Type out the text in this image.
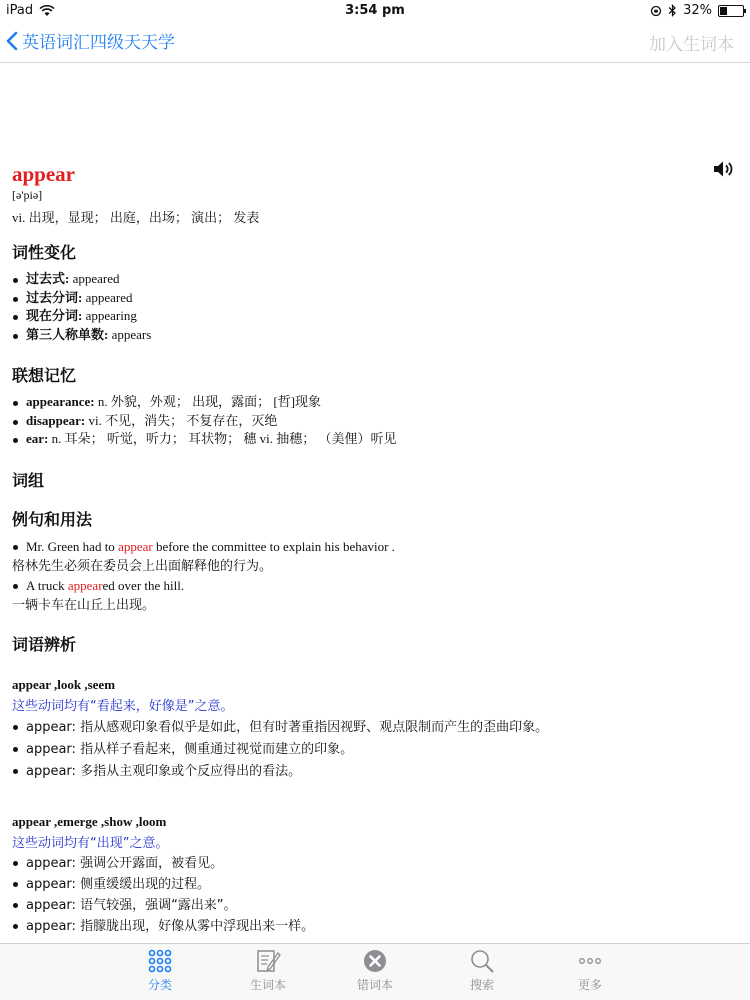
iPad	3:54 pm	32%
英语词汇四级天天学	加入生词本
appear
[ə'piə]
vi. 出现，显现； 出庭，出场； 演出； 发表
词性变化
过去式: appeared
过去分词: appeared
现在分词: appearing
第三人称单数: appears
联想记忆
appearance: n. 外貌，外观； 出现，露面； [哲]现象
disappear: vi. 不见，消失； 不复存在，灭绝
ear: n. 耳朵； 听觉，听力； 耳状物； 穗 vi. 抽穗； （美俚）听见
词组
例句和用法
Mr. Green had to appear before the committee to explain his behavior .
格林先生必须在委员会上出面解释他的行为。
A truck appeared over the hill.
一辆卡车在山丘上出现。
词语辨析
appear ,look ,seem
这些动词均有“看起来，好像是”之意。
appear: 指从感观印象看似乎是如此，但有时著重指因视野、观点限制而产生的歪曲印象。
appear: 指从样子看起来，侧重通过视觉而建立的印象。
appear: 多指从主观印象或个反应得出的看法。
appear ,emerge ,show ,loom
这些动词均有“出现”之意。
appear: 强调公开露面，被看见。
appear: 侧重缓缓出现的过程。
appear: 语气较强，强调“露出来”。
appear: 指朦胧出现，好像从雾中浮现出来一样。
分类	生词本	错词本	搜索	更多
